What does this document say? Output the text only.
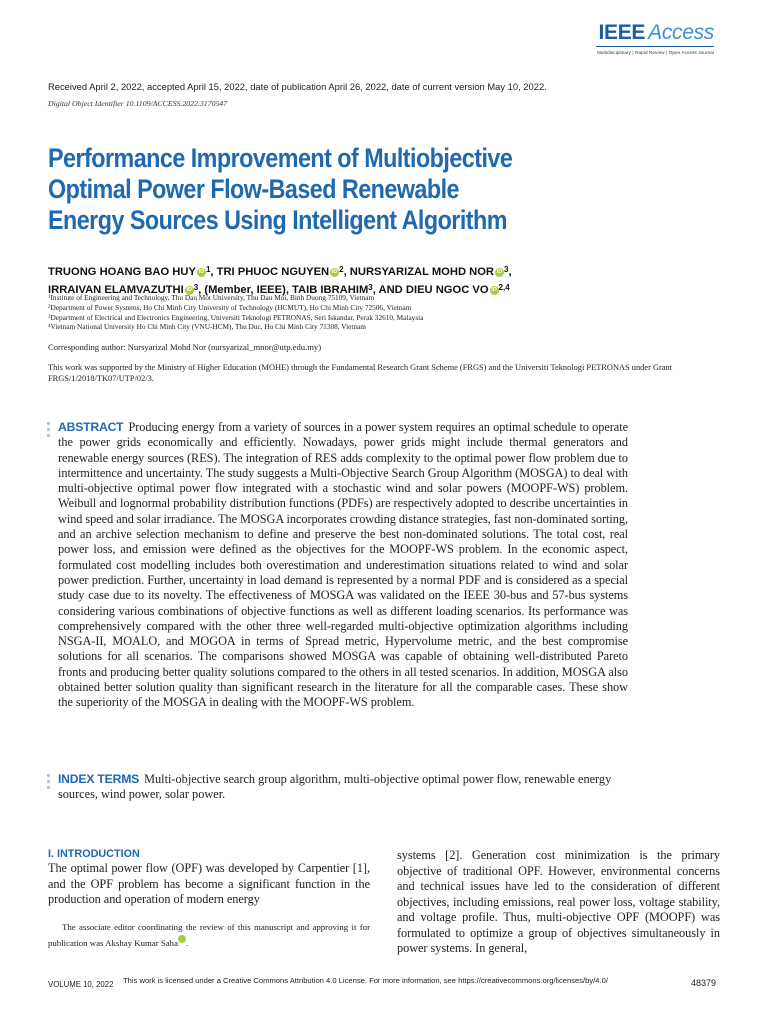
IEEE Access
Multidisciplinary | Rapid Review | Open Access Journal
Received April 2, 2022, accepted April 15, 2022, date of publication April 26, 2022, date of current version May 10, 2022.
Digital Object Identifier 10.1109/ACCESS.2022.3170547
Performance Improvement of Multiobjective Optimal Power Flow-Based Renewable Energy Sources Using Intelligent Algorithm
TRUONG HOANG BAO HUY iD $^1$, TRI PHUOC NGUYEN iD $^2$, NURSYARIZAL MOHD NOR iD $^3$,
IRRAIVAN ELAMVAZUTHI iD $^3$, (Member, IEEE), TAIB IBRAHIM$^3$, AND DIEU NGOC VO iD $^{2,4}$
$^1$Institute of Engineering and Technology, Thu Dau Mot University, Thu Dau Moi, Binh Duong 75109, Vietnam
$^2$Department of Power Systems, Ho Chi Minh City University of Technology (HCMUT), Ho Chi Minh City 72506, Vietnam
$^3$Department of Electrical and Electronics Engineering, Universiti Teknologi PETRONAS, Seri Iskandar, Perak 32610, Malaysia
$^4$Vietnam National University Ho Chi Minh City (VNU-HCM), Thu Duc, Ho Chi Minh City 71308, Vietnam
Corresponding author: Nursyarizal Mohd Nor (nursyarizal_mnor@utp.edu.my)
This work was supported by the Ministry of Higher Education (MOHE) through the Fundamental Research Grant Scheme (FRGS) and the Universiti Teknologi PETRONAS under Grant FRGS/1/2018/TK07/UTP/02/3.
ABSTRACT Producing energy from a variety of sources in a power system requires an optimal schedule to operate the power grids economically and efficiently. Nowadays, power grids might include thermal generators and renewable energy sources (RES). The integration of RES adds complexity to the optimal power flow problem due to intermittence and uncertainty. The study suggests a Multi-Objective Search Group Algorithm (MOSGA) to deal with multi-objective optimal power flow integrated with a stochastic wind and solar powers (MOOPF-WS) problem. Weibull and lognormal probability distribution functions (PDFs) are respectively adopted to describe uncertainties in wind speed and solar irradiance. The MOSGA incorporates crowding distance strategies, fast non-dominated sorting, and an archive selection mechanism to define and preserve the best non-dominated solutions. The total cost, real power loss, and emission were defined as the objectives for the MOOPF-WS problem. In the economic aspect, formulated cost modelling includes both overestimation and underestimation situations related to wind and solar power prediction. Further, uncertainty in load demand is represented by a normal PDF and is considered as a special study case due to its novelty. The effectiveness of MOSGA was validated on the IEEE 30-bus and 57-bus systems considering various combinations of objective functions as well as different loading scenarios. Its performance was comprehensively compared with the other three well-regarded multi-objective optimization algorithms including NSGA-II, MOALO, and MOGOA in terms of Spread metric, Hypervolume metric, and the best compromise solutions for all scenarios. The comparisons showed MOSGA was capable of obtaining well-distributed Pareto fronts and producing better quality solutions compared to the others in all tested scenarios. In addition, MOSGA also obtained better solution quality than significant research in the literature for all the comparable cases. These show the superiority of the MOSGA in dealing with the MOOPF-WS problem.
INDEX TERMS Multi-objective search group algorithm, multi-objective optimal power flow, renewable energy sources, wind power, solar power.
I. INTRODUCTION
The optimal power flow (OPF) was developed by Carpentier [1], and the OPF problem has become a significant function in the production and operation of modern energy
The associate editor coordinating the review of this manuscript and approving it for publication was Akshay Kumar Saha .
systems [2]. Generation cost minimization is the primary objective of traditional OPF. However, environmental concerns and technical issues have led to the consideration of different objectives, including emissions, real power loss, voltage stability, and voltage profile. Thus, multi-objective OPF (MOOPF) was formulated to optimize a group of objectives simultaneously in power systems. In general,
VOLUME 10, 2022 This work is licensed under a Creative Commons Attribution 4.0 License. For more information, see https://creativecommons.org/licenses/by/4.0/	48379
